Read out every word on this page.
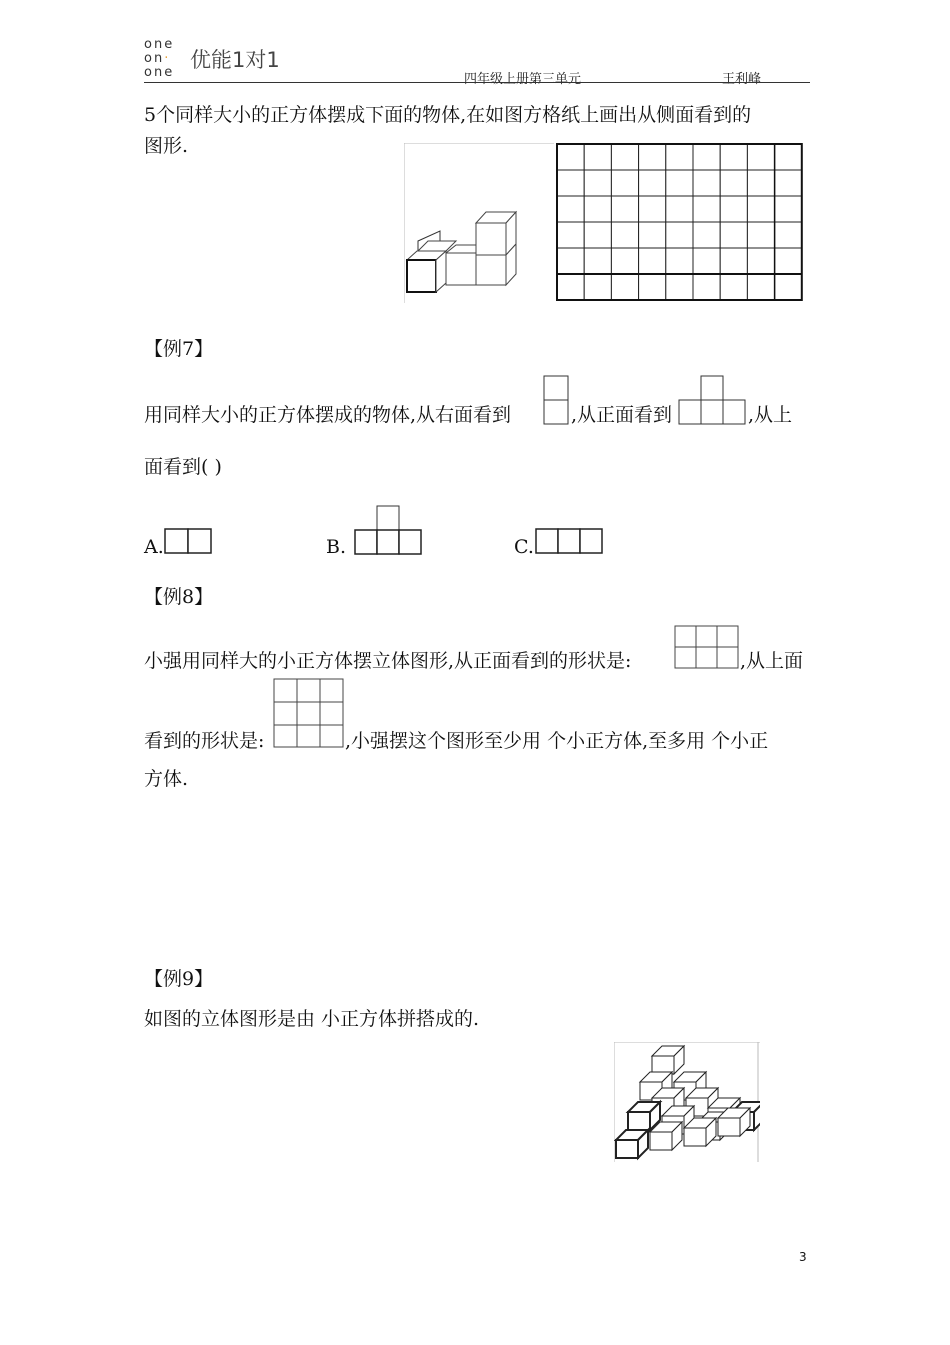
one
on·
one
优能1对1
四年级上册第三单元	王利峰
5个同样大小的正方体摆成下面的物体,在如图方格纸上画出从侧面看到的
图形.
【例7】
用同样大小的正方体摆成的物体,从右面看到	,从正面看到	,从上
面看到( )
A.	B.	C.
【例8】
小强用同样大的小正方体摆立体图形,从正面看到的形状是:	,从上面
看到的形状是:	,小强摆这个图形至少用 个小正方体,至多用 个小正
方体.
【例9】
如图的立体图形是由 小正方体拼搭成的.
3
